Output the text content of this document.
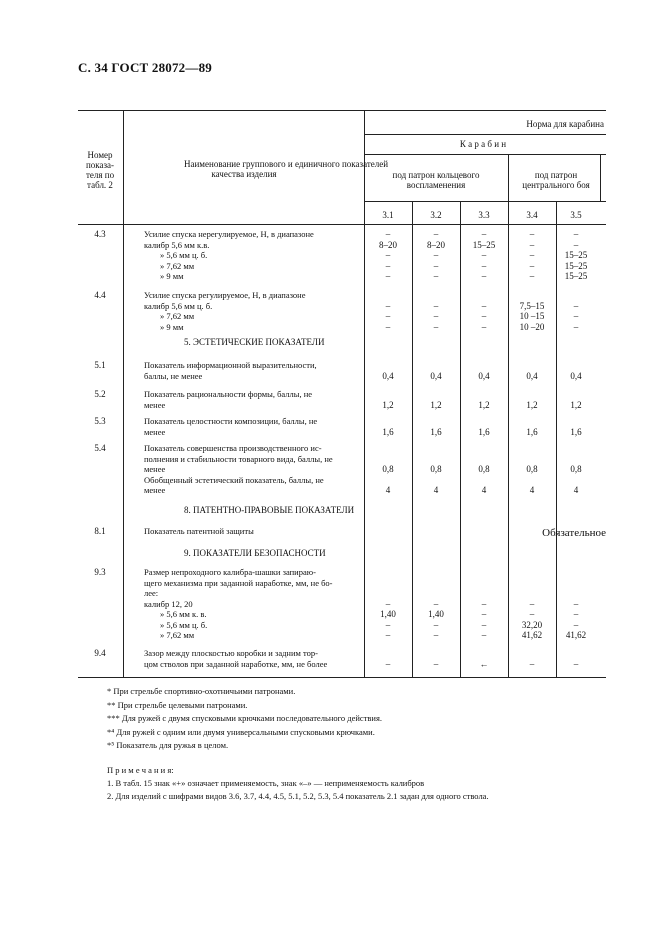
С. 34 ГОСТ 28072—89
Номер
показа-
теля по
табл. 2
Наименование группового и единичного показателей
качества изделия
Норма для карабина
К а р а б и н
под патрон кольцевого
воспламенения
под патрон
центрального боя
3.1	3.2	3.3	3.4	3.5
4.3	Усилие спуска нерегулируемое, Н, в диапазоне	–	–	–	–	–
калибр 5,6 мм к.в.	8–20	8–20	15–25	–	–
» 5,6 мм ц. б.	–	–	–	–	15–25
» 7,62 мм	–	–	–	–	15–25
» 9 мм	–	–	–	–	15–25
4.4	Усилие спуска регулируемое, Н, в диапазоне
калибр 5,6 мм ц. б.	–	–	–	7,5–15	–
» 7,62 мм	–	–	–	10 –15	–
» 9 мм	–	–	–	10 –20	–
5. ЭСТЕТИЧЕСКИЕ ПОКАЗАТЕЛИ
5.1	Показатель информационной выразительности,
баллы, не менее	0,4	0,4	0,4	0,4	0,4
5.2	Показатель рациональности формы, баллы, не
менее	1,2	1,2	1,2	1,2	1,2
5.3	Показатель целостности композиции, баллы, не
менее	1,6	1,6	1,6	1,6	1,6
5.4	Показатель совершенства производственного ис-
полнения и стабильности товарного вида, баллы, не
менее	0,8	0,8	0,8	0,8	0,8
Обобщенный эстетический показатель, баллы, не
менее	4	4	4	4	4
8. ПАТЕНТНО-ПРАВОВЫЕ ПОКАЗАТЕЛИ
8.1	Показатель патентной защиты	Обязательное
9. ПОКАЗАТЕЛИ БЕЗОПАСНОСТИ
9.3	Размер непроходного калибра-шашки запираю-
щего механизма при заданной наработке, мм, не бо-
лее:
калибр 12, 20	–	–	–	–	–
» 5,6 мм к. в.	1,40	1,40	–	–	–
» 5,6 мм ц. б.	–	–	–	32,20	–
» 7,62 мм	–	–	–	41,62	41,62
9.4	Зазор между плоскостью коробки и задним тор-
цом стволов при заданной наработке, мм, не более	–	–	←	–	–
* При стрельбе спортивно-охотничьими патронами.
** При стрельбе целевыми патронами.
*** Для ружей с двумя спусковыми крючками последовательного действия.
*⁴ Для ружей с одним или двумя универсальными спусковыми крючками.
*⁵ Показатель для ружья в целом.
П р и м е ч а н и я:
1. В табл. 15 знак «+» означает применяемость, знак «–» — неприменяемость калибров
2. Для изделий с шифрами видов 3.6, 3.7, 4.4, 4.5, 5.1, 5.2, 5.3, 5.4 показатель 2.1 задан для одного ствола.
